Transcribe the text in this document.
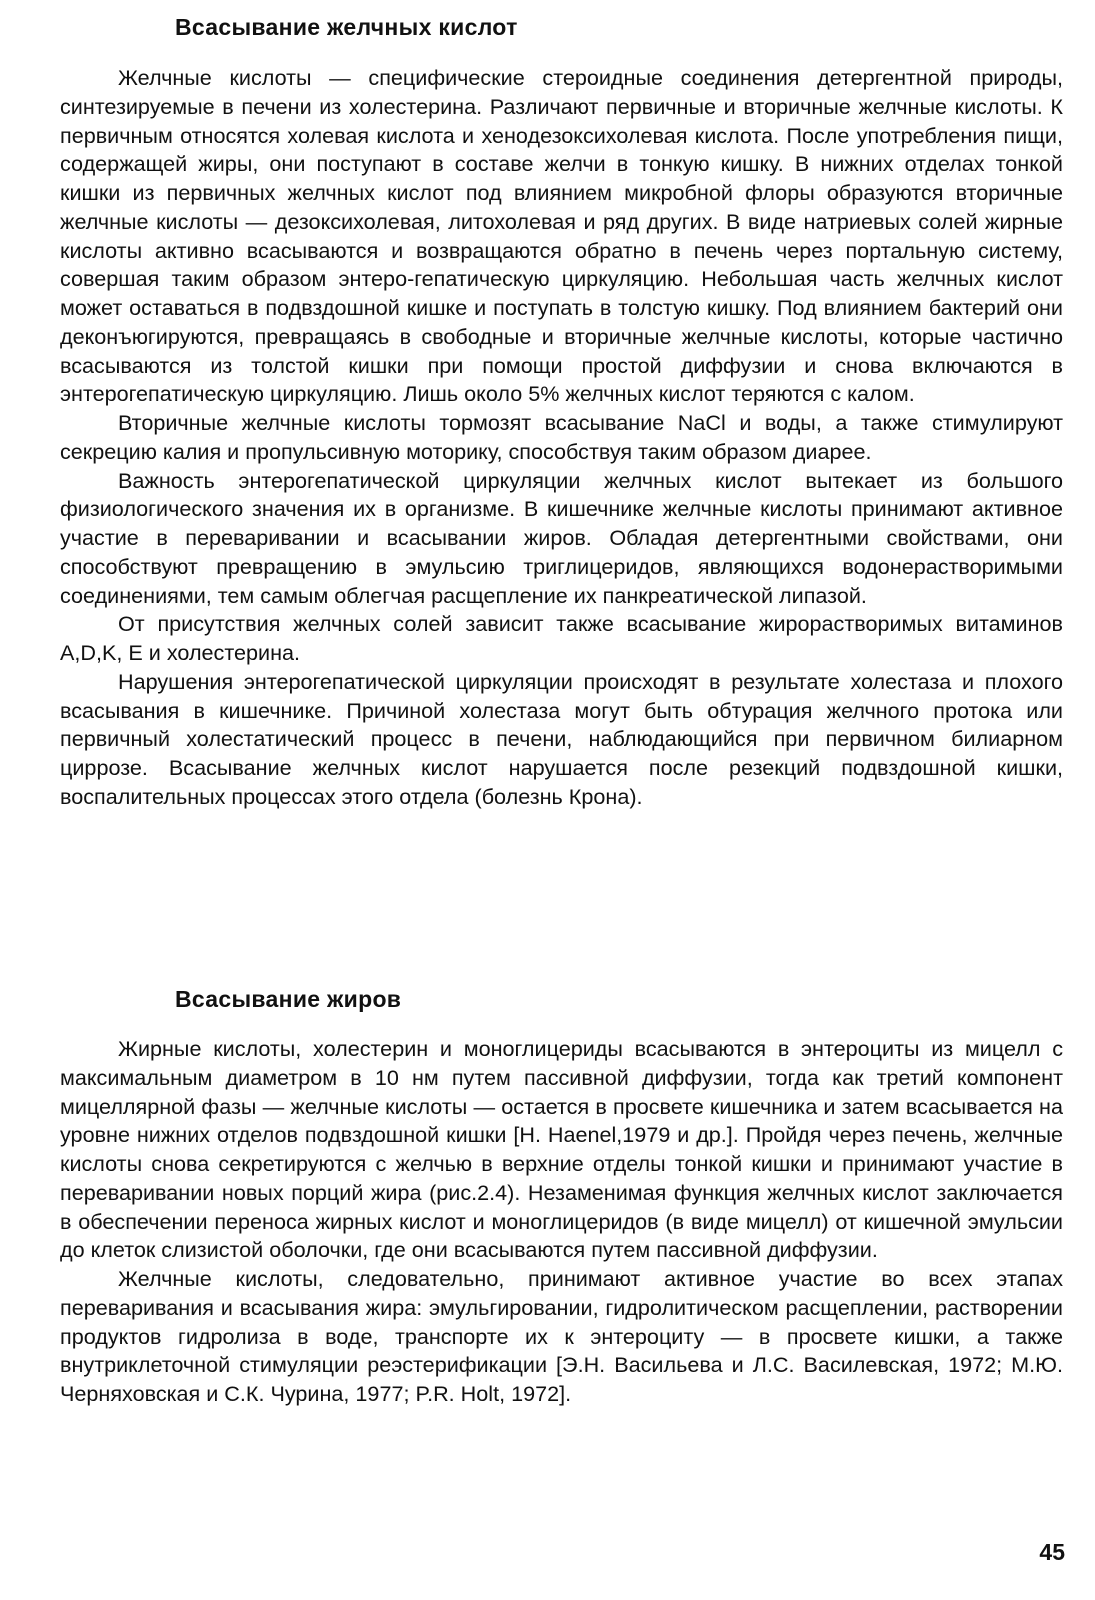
Всасывание желчных кислот

Желчные кислоты — специфические стероидные соединения детергентной природы, синтезируемые в печени из холестерина. Различают первичные и вторичные желчные кислоты. К первичным относятся холевая кислота и хенодезоксихолевая кислота. После употребления пищи, содержащей жиры, они поступают в составе желчи в тонкую кишку. В нижних отделах тонкой кишки из первичных желчных кислот под влиянием микробной флоры образуются вторичные желчные кислоты — дезоксихолевая, литохолевая и ряд других. В виде натриевых солей жирные кислоты активно всасываются и возвращаются обратно в печень через портальную систему, совершая таким образом энтеро-гепатическую циркуляцию. Небольшая часть желчных кислот может оставаться в подвздошной кишке и поступать в толстую кишку. Под влиянием бактерий они деконъюгируются, превращаясь в свободные и вторичные желчные кислоты, которые частично всасываются из толстой кишки при помощи простой диффузии и снова включаются в энтерогепатическую циркуляцию. Лишь около 5% желчных кислот теряются с калом.

Вторичные желчные кислоты тормозят всасывание NaCl и воды, а также стимулируют секрецию калия и пропульсивную моторику, способствуя таким образом диарее.

Важность энтерогепатической циркуляции желчных кислот вытекает из большого физиологического значения их в организме. В кишечнике желчные кислоты принимают активное участие в переваривании и всасывании жиров. Обладая детергентными свойствами, они способствуют превращению в эмульсию триглицеридов, являющихся водонерастворимыми соединениями, тем самым облегчая расщепление их панкреатической липазой.

От присутствия желчных солей зависит также всасывание жирорастворимых витаминов A,D,K, E и холестерина.

Нарушения энтерогепатической циркуляции происходят в результате холестаза и плохого всасывания в кишечнике. Причиной холестаза могут быть обтурация желчного протока или первичный холестатический процесс в печени, наблюдающийся при первичном билиарном циррозе. Всасывание желчных кислот нарушается после резекций подвздошной кишки, воспалительных процессах этого отдела (болезнь Крона).

Всасывание жиров

Жирные кислоты, холестерин и моноглицериды всасываются в энтероциты из мицелл с максимальным диаметром в 10 нм путем пассивной диффузии, тогда как третий компонент мицеллярной фазы — желчные кислоты — остается в просвете кишечника и затем всасывается на уровне нижних отделов подвздошной кишки [H. Haenel,1979 и др.]. Пройдя через печень, желчные кислоты снова секретируются с желчью в верхние отделы тонкой кишки и принимают участие в переваривании новых порций жира (рис.2.4). Незаменимая функция желчных кислот заключается в обеспечении переноса жирных кислот и моноглицеридов (в виде мицелл) от кишечной эмульсии до клеток слизистой оболочки, где они всасываются путем пассивной диффузии.

Желчные кислоты, следовательно, принимают активное участие во всех этапах переваривания и всасывания жира: эмульгировании, гидролитическом расщеплении, растворении продуктов гидролиза в воде, транспорте их к энтероциту — в просвете кишки, а также внутриклеточной стимуляции реэстерификации [Э.Н. Васильева и Л.С. Василевская, 1972; М.Ю. Черняховская и С.К. Чурина, 1977; P.R. Holt, 1972].

45
